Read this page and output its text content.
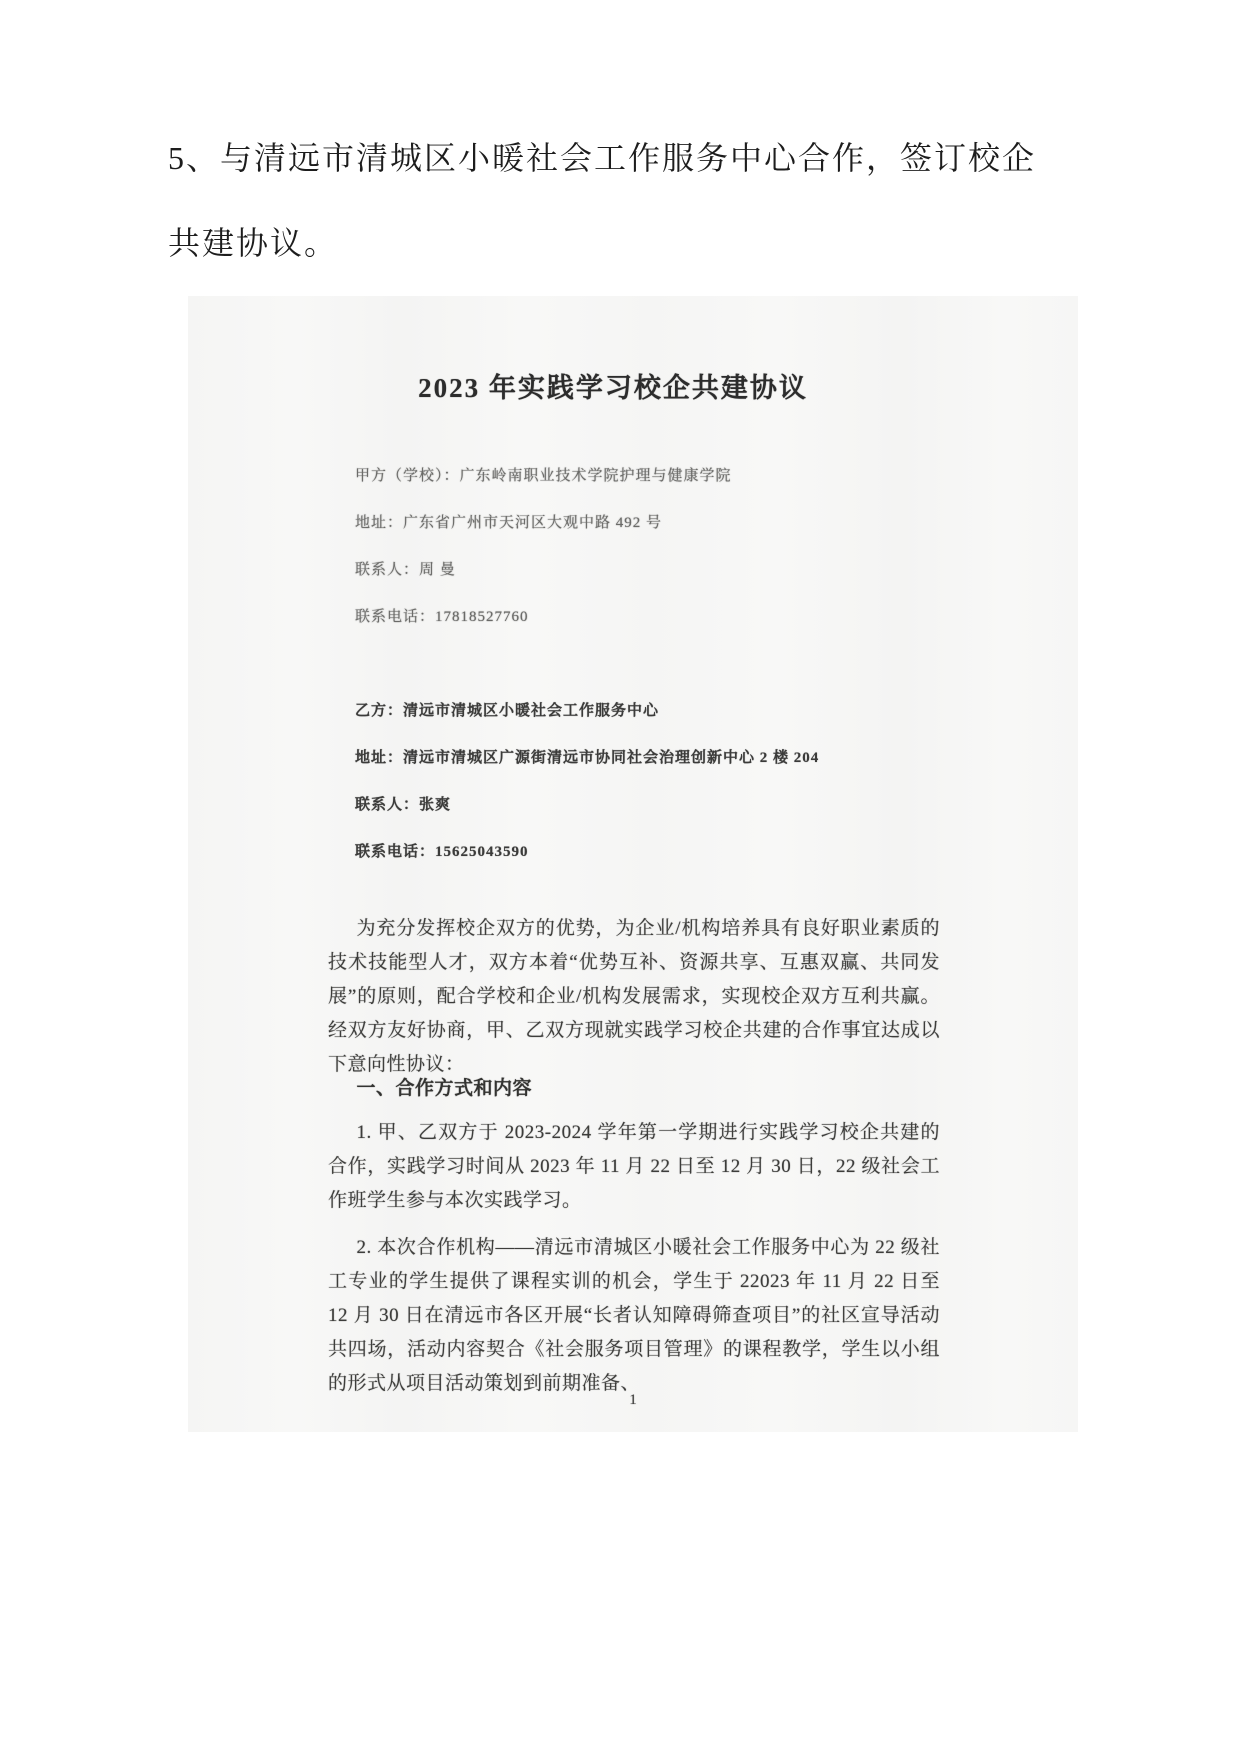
5、与清远市清城区小暖社会工作服务中心合作，签订校企
共建协议。
2023 年实践学习校企共建协议
甲方（学校）：广东岭南职业技术学院护理与健康学院
地址：广东省广州市天河区大观中路 492 号
联系人：周 曼
联系电话：17818527760
乙方：清远市清城区小暖社会工作服务中心
地址：清远市清城区广源街清远市协同社会治理创新中心 2 楼 204
联系人：张爽
联系电话：15625043590

为充分发挥校企双方的优势，为企业/机构培养具有良好职业素质的技术技能型人才，双方本着“优势互补、资源共享、互惠双赢、共同发展”的原则，配合学校和企业/机构发展需求，实现校企双方互利共赢。经双方友好协商，甲、乙双方现就实践学习校企共建的合作事宜达成以下意向性协议：

一、合作方式和内容

1. 甲、乙双方于 2023-2024 学年第一学期进行实践学习校企共建的合作，实践学习时间从 2023 年 11 月 22 日至 12 月 30 日，22 级社会工作班学生参与本次实践学习。

2. 本次合作机构——清远市清城区小暖社会工作服务中心为 22 级社工专业的学生提供了课程实训的机会，学生于 22023 年 11 月 22 日至 12 月 30 日在清远市各区开展“长者认知障碍筛查项目”的社区宣导活动共四场，活动内容契合《社会服务项目管理》的课程教学，学生以小组的形式从项目活动策划到前期准备、

1
